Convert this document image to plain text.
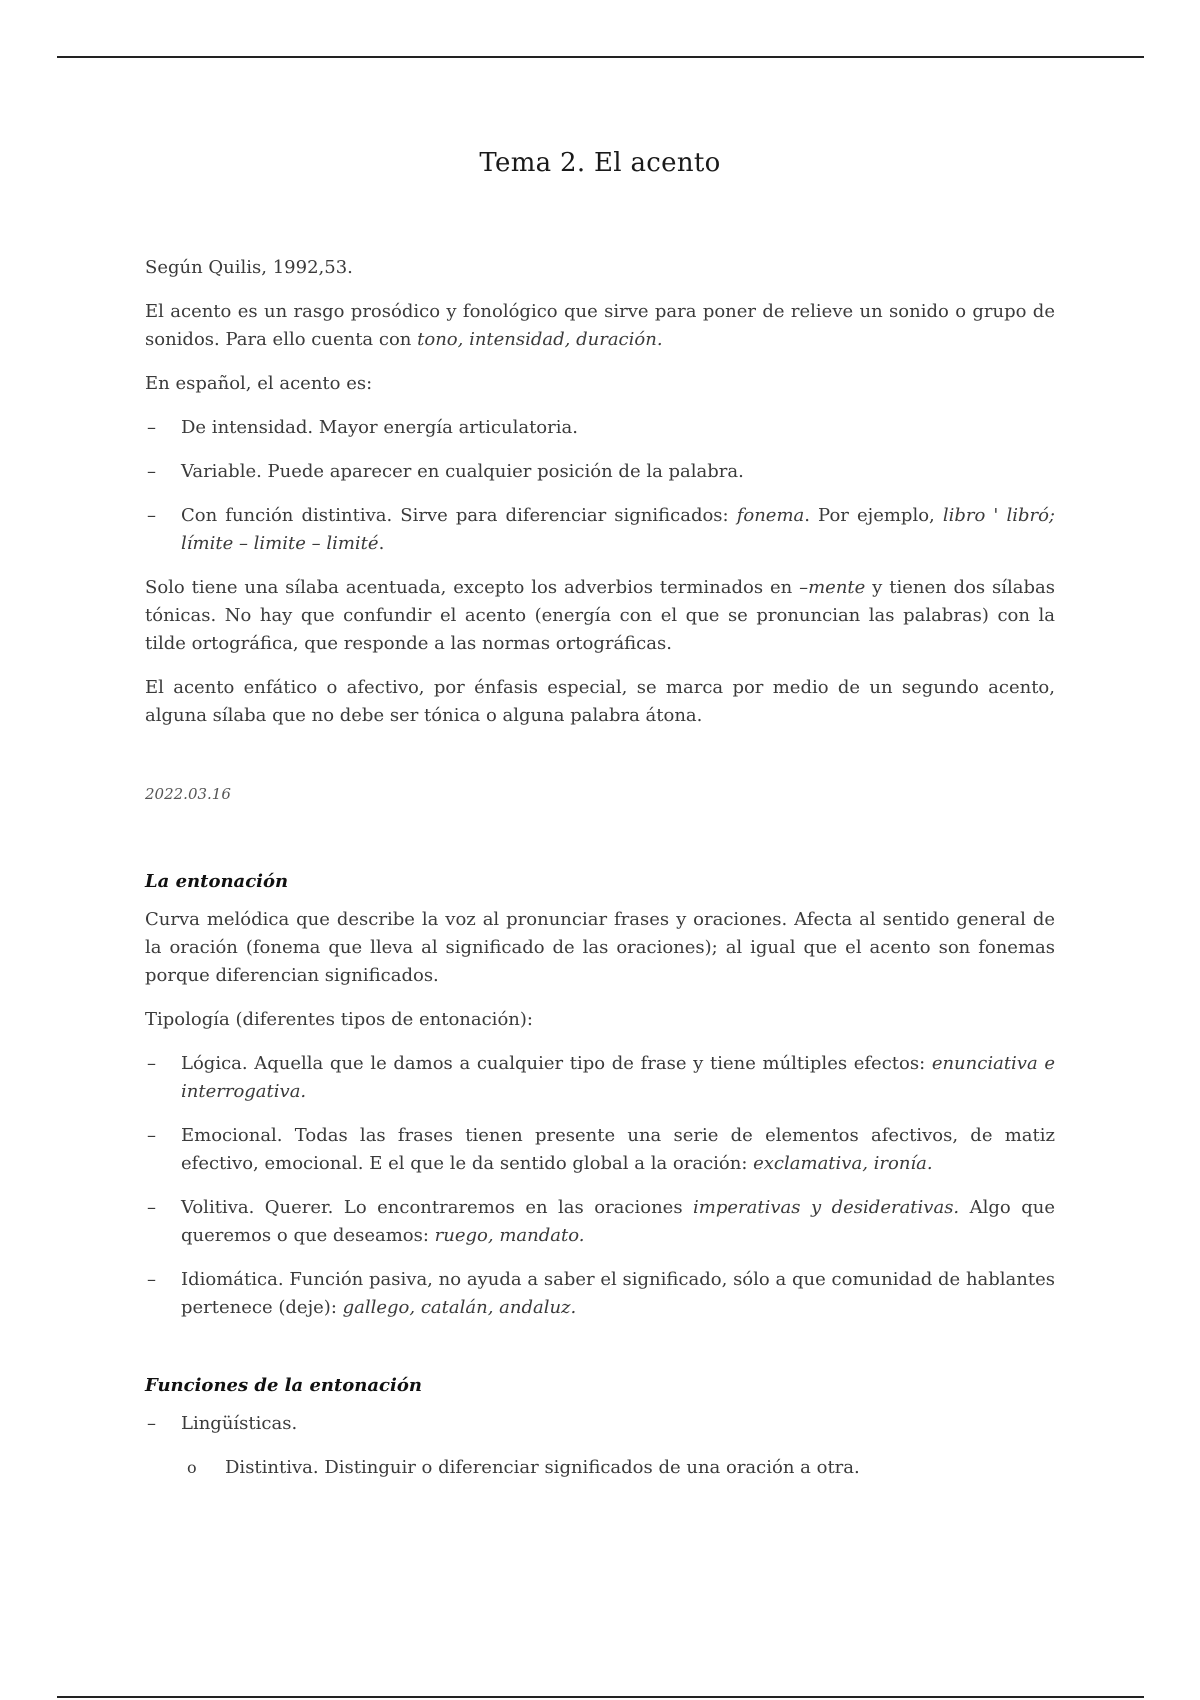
Tema 2. El acento

Según Quilis, 1992,53.

El acento es un rasgo prosódico y fonológico que sirve para poner de relieve un sonido o grupo de sonidos. Para ello cuenta con tono, intensidad, duración.

En español, el acento es:

– De intensidad. Mayor energía articulatoria.
– Variable. Puede aparecer en cualquier posición de la palabra.
– Con función distintiva. Sirve para diferenciar significados: fonema. Por ejemplo, libro ' libró; límite – limite – limité.

Solo tiene una sílaba acentuada, excepto los adverbios terminados en –mente y tienen dos sílabas tónicas. No hay que confundir el acento (energía con el que se pronuncian las palabras) con la tilde ortográfica, que responde a las normas ortográficas.

El acento enfático o afectivo, por énfasis especial, se marca por medio de un segundo acento, alguna sílaba que no debe ser tónica o alguna palabra átona.

2022.03.16
La entonación

Curva melódica que describe la voz al pronunciar frases y oraciones. Afecta al sentido general de la oración (fonema que lleva al significado de las oraciones); al igual que el acento son fonemas porque diferencian significados.

Tipología (diferentes tipos de entonación):

– Lógica. Aquella que le damos a cualquier tipo de frase y tiene múltiples efectos: enunciativa e interrogativa.
– Emocional. Todas las frases tienen presente una serie de elementos afectivos, de matiz efectivo, emocional. E el que le da sentido global a la oración: exclamativa, ironía.
– Volitiva. Querer. Lo encontraremos en las oraciones imperativas y desiderativas. Algo que queremos o que deseamos: ruego, mandato.
– Idiomática. Función pasiva, no ayuda a saber el significado, sólo a que comunidad de hablantes pertenece (deje): gallego, catalán, andaluz.
Funciones de la entonación
– Lingüísticas.
o Distintiva. Distinguir o diferenciar significados de una oración a otra.
